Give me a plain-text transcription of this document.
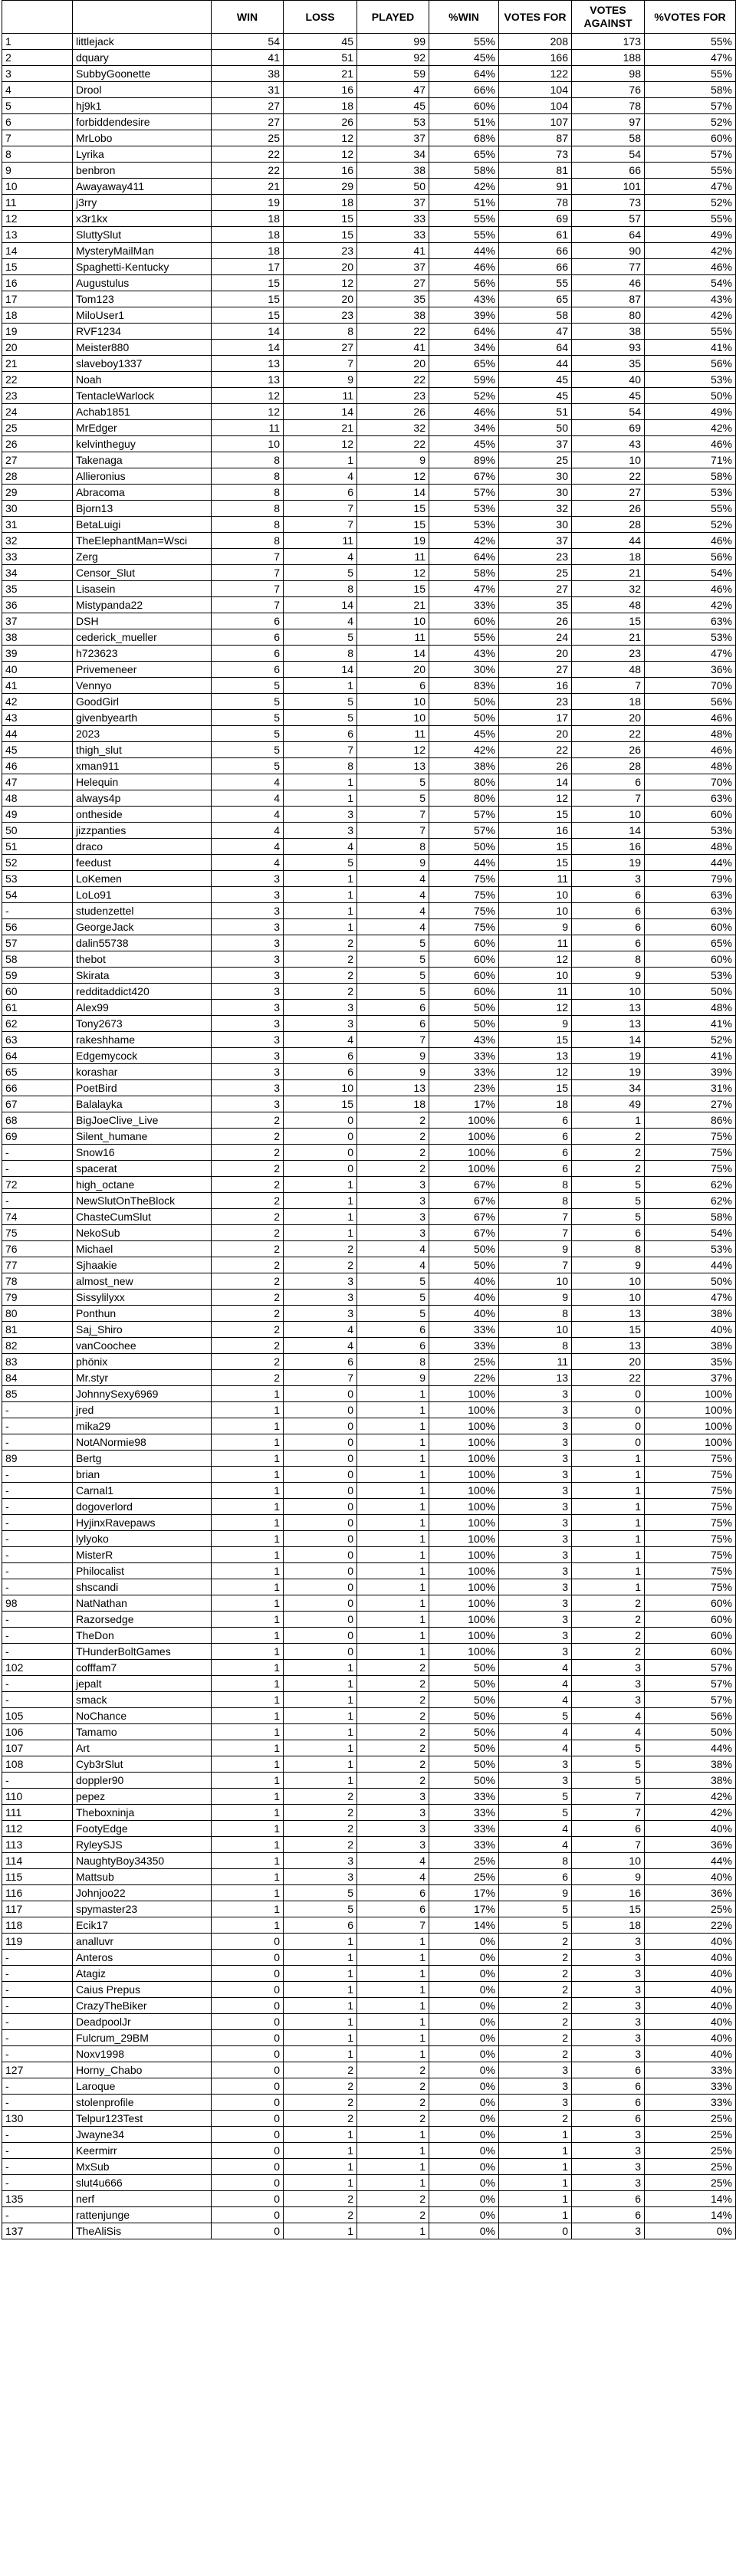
		WIN	LOSS	PLAYED	%WIN	VOTES FOR	VOTES AGAINST	%VOTES FOR
1	littlejack	54	45	99	55%	208	173	55%
2	dquary	41	51	92	45%	166	188	47%
3	SubbyGoonette	38	21	59	64%	122	98	55%
4	Drool	31	16	47	66%	104	76	58%
5	hj9k1	27	18	45	60%	104	78	57%
6	forbiddendesire	27	26	53	51%	107	97	52%
7	MrLobo	25	12	37	68%	87	58	60%
8	Lyrika	22	12	34	65%	73	54	57%
9	benbron	22	16	38	58%	81	66	55%
10	Awayaway411	21	29	50	42%	91	101	47%
11	j3rry	19	18	37	51%	78	73	52%
12	x3r1kx	18	15	33	55%	69	57	55%
13	SluttySlut	18	15	33	55%	61	64	49%
14	MysteryMailMan	18	23	41	44%	66	90	42%
15	Spaghetti-Kentucky	17	20	37	46%	66	77	46%
16	Augustulus	15	12	27	56%	55	46	54%
17	Tom123	15	20	35	43%	65	87	43%
18	MiloUser1	15	23	38	39%	58	80	42%
19	RVF1234	14	8	22	64%	47	38	55%
20	Meister880	14	27	41	34%	64	93	41%
21	slaveboy1337	13	7	20	65%	44	35	56%
22	Noah	13	9	22	59%	45	40	53%
23	TentacleWarlock	12	11	23	52%	45	45	50%
24	Achab1851	12	14	26	46%	51	54	49%
25	MrEdger	11	21	32	34%	50	69	42%
26	kelvintheguy	10	12	22	45%	37	43	46%
27	Takenaga	8	1	9	89%	25	10	71%
28	Allieronius	8	4	12	67%	30	22	58%
29	Abracoma	8	6	14	57%	30	27	53%
30	Bjorn13	8	7	15	53%	32	26	55%
31	BetaLuigi	8	7	15	53%	30	28	52%
32	TheElephantMan=Wsci	8	11	19	42%	37	44	46%
33	Zerg	7	4	11	64%	23	18	56%
34	Censor_Slut	7	5	12	58%	25	21	54%
35	Lisasein	7	8	15	47%	27	32	46%
36	Mistypanda22	7	14	21	33%	35	48	42%
37	DSH	6	4	10	60%	26	15	63%
38	cederick_mueller	6	5	11	55%	24	21	53%
39	h723623	6	8	14	43%	20	23	47%
40	Privemeneer	6	14	20	30%	27	48	36%
41	Vennyo	5	1	6	83%	16	7	70%
42	GoodGirl	5	5	10	50%	23	18	56%
43	givenbyearth	5	5	10	50%	17	20	46%
44	2023	5	6	11	45%	20	22	48%
45	thigh_slut	5	7	12	42%	22	26	46%
46	xman911	5	8	13	38%	26	28	48%
47	Helequin	4	1	5	80%	14	6	70%
48	always4p	4	1	5	80%	12	7	63%
49	ontheside	4	3	7	57%	15	10	60%
50	jizzpanties	4	3	7	57%	16	14	53%
51	draco	4	4	8	50%	15	16	48%
52	feedust	4	5	9	44%	15	19	44%
53	LoKemen	3	1	4	75%	11	3	79%
54	LoLo91	3	1	4	75%	10	6	63%
-	studenzettel	3	1	4	75%	10	6	63%
56	GeorgeJack	3	1	4	75%	9	6	60%
57	dalin55738	3	2	5	60%	11	6	65%
58	thebot	3	2	5	60%	12	8	60%
59	Skirata	3	2	5	60%	10	9	53%
60	redditaddict420	3	2	5	60%	11	10	50%
61	Alex99	3	3	6	50%	12	13	48%
62	Tony2673	3	3	6	50%	9	13	41%
63	rakeshhame	3	4	7	43%	15	14	52%
64	Edgemycock	3	6	9	33%	13	19	41%
65	korashar	3	6	9	33%	12	19	39%
66	PoetBird	3	10	13	23%	15	34	31%
67	Balalayka	3	15	18	17%	18	49	27%
68	BigJoeClive_Live	2	0	2	100%	6	1	86%
69	Silent_humane	2	0	2	100%	6	2	75%
-	Snow16	2	0	2	100%	6	2	75%
-	spacerat	2	0	2	100%	6	2	75%
72	high_octane	2	1	3	67%	8	5	62%
-	NewSlutOnTheBlock	2	1	3	67%	8	5	62%
74	ChasteCumSlut	2	1	3	67%	7	5	58%
75	NekoSub	2	1	3	67%	7	6	54%
76	Michael	2	2	4	50%	9	8	53%
77	Sjhaakie	2	2	4	50%	7	9	44%
78	almost_new	2	3	5	40%	10	10	50%
79	Sissylilyxx	2	3	5	40%	9	10	47%
80	Ponthun	2	3	5	40%	8	13	38%
81	Saj_Shiro	2	4	6	33%	10	15	40%
82	vanCoochee	2	4	6	33%	8	13	38%
83	phönix	2	6	8	25%	11	20	35%
84	Mr.styr	2	7	9	22%	13	22	37%
85	JohnnySexy6969	1	0	1	100%	3	0	100%
-	jred	1	0	1	100%	3	0	100%
-	mika29	1	0	1	100%	3	0	100%
-	NotANormie98	1	0	1	100%	3	0	100%
89	Bertg	1	0	1	100%	3	1	75%
-	brian	1	0	1	100%	3	1	75%
-	Carnal1	1	0	1	100%	3	1	75%
-	dogoverlord	1	0	1	100%	3	1	75%
-	HyjinxRavepaws	1	0	1	100%	3	1	75%
-	lylyoko	1	0	1	100%	3	1	75%
-	MisterR	1	0	1	100%	3	1	75%
-	Philocalist	1	0	1	100%	3	1	75%
-	shscandi	1	0	1	100%	3	1	75%
98	NatNathan	1	0	1	100%	3	2	60%
-	Razorsedge	1	0	1	100%	3	2	60%
-	TheDon	1	0	1	100%	3	2	60%
-	THunderBoltGames	1	0	1	100%	3	2	60%
102	cofffam7	1	1	2	50%	4	3	57%
-	jepalt	1	1	2	50%	4	3	57%
-	smack	1	1	2	50%	4	3	57%
105	NoChance	1	1	2	50%	5	4	56%
106	Tamamo	1	1	2	50%	4	4	50%
107	Art	1	1	2	50%	4	5	44%
108	Cyb3rSlut	1	1	2	50%	3	5	38%
-	doppler90	1	1	2	50%	3	5	38%
110	pepez	1	2	3	33%	5	7	42%
111	Theboxninja	1	2	3	33%	5	7	42%
112	FootyEdge	1	2	3	33%	4	6	40%
113	RyleySJS	1	2	3	33%	4	7	36%
114	NaughtyBoy34350	1	3	4	25%	8	10	44%
115	Mattsub	1	3	4	25%	6	9	40%
116	Johnjoo22	1	5	6	17%	9	16	36%
117	spymaster23	1	5	6	17%	5	15	25%
118	Ecik17	1	6	7	14%	5	18	22%
119	analluvr	0	1	1	0%	2	3	40%
-	Anteros	0	1	1	0%	2	3	40%
-	Atagiz	0	1	1	0%	2	3	40%
-	Caius Prepus	0	1	1	0%	2	3	40%
-	CrazyTheBiker	0	1	1	0%	2	3	40%
-	DeadpoolJr	0	1	1	0%	2	3	40%
-	Fulcrum_29BM	0	1	1	0%	2	3	40%
-	Noxv1998	0	1	1	0%	2	3	40%
127	Horny_Chabo	0	2	2	0%	3	6	33%
-	Laroque	0	2	2	0%	3	6	33%
-	stolenprofile	0	2	2	0%	3	6	33%
130	Telpur123Test	0	2	2	0%	2	6	25%
-	Jwayne34	0	1	1	0%	1	3	25%
-	Keermirr	0	1	1	0%	1	3	25%
-	MxSub	0	1	1	0%	1	3	25%
-	slut4u666	0	1	1	0%	1	3	25%
135	nerf	0	2	2	0%	1	6	14%
-	rattenjunge	0	2	2	0%	1	6	14%
137	TheAliSis	0	1	1	0%	0	3	0%
